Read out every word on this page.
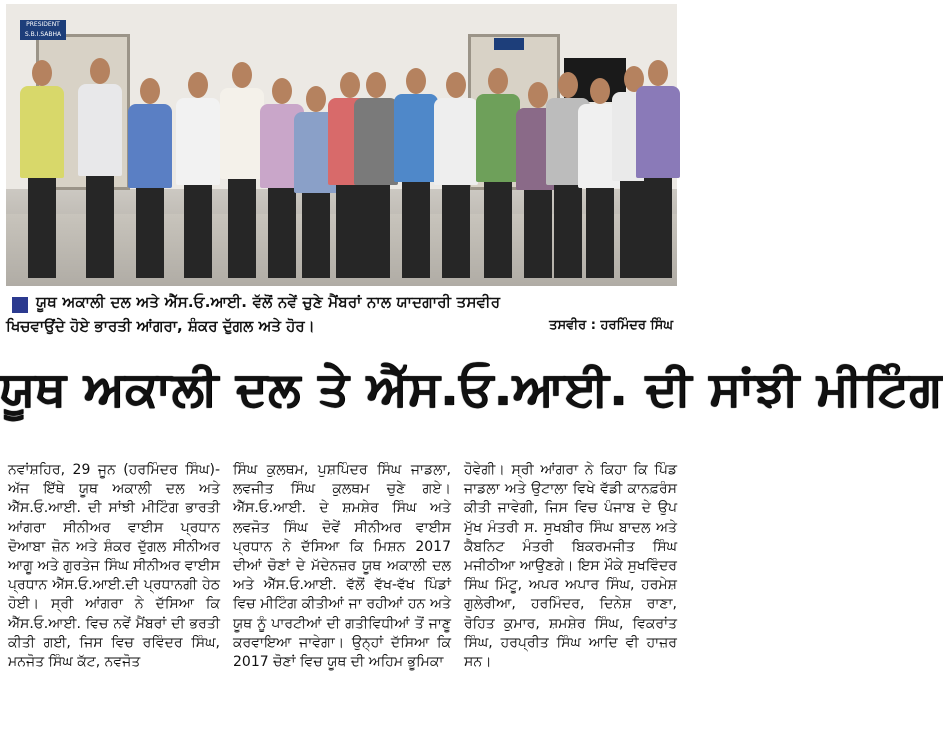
PRESIDENT S.B.I.SABHA
ਯੂਥ ਅਕਾਲੀ ਦਲ ਅਤੇ ਐੱਸ.ਓ.ਆਈ. ਵੱਲੋਂ ਨਵੇਂ ਚੁਣੇ ਮੈਂਬਰਾਂ ਨਾਲ ਯਾਦਗਾਰੀ ਤਸਵੀਰ
ਖਿਚਵਾਉਂਦੇ ਹੋਏ ਭਾਰਤੀ ਆਂਗਰਾ, ਸ਼ੰਕਰ ਦੁੱਗਲ ਅਤੇ ਹੋਰ।	ਤਸਵੀਰ : ਹਰਮਿੰਦਰ ਸਿੰਘ
ਯੂਥ ਅਕਾਲੀ ਦਲ ਤੇ ਐੱਸ.ਓ.ਆਈ. ਦੀ ਸਾਂਝੀ ਮੀਟਿੰਗ

ਨਵਾਂਸ਼ਹਿਰ, 29 ਜੂਨ (ਹਰਮਿੰਦਰ ਸਿੰਘ)- ਅੱਜ ਇੱਥੇ ਯੂਥ ਅਕਾਲੀ ਦਲ ਅਤੇ ਐੱਸ.ਓ.ਆਈ. ਦੀ ਸਾਂਝੀ ਮੀਟਿੰਗ ਭਾਰਤੀ ਆਂਗਰਾ ਸੀਨੀਅਰ ਵਾਈਸ ਪ੍ਰਧਾਨ ਦੋਆਬਾ ਜ਼ੋਨ ਅਤੇ ਸ਼ੰਕਰ ਦੁੱਗਲ ਸੀਨੀਅਰ ਆਗੂ ਅਤੇ ਗੁਰਤੇਜ ਸਿੰਘ ਸੀਨੀਅਰ ਵਾਈਸ ਪ੍ਰਧਾਨ ਐੱਸ.ਓ.ਆਈ.ਦੀ ਪ੍ਰਧਾਨਗੀ ਹੇਠ ਹੋਈ। ਸ੍ਰੀ ਆਂਗਰਾ ਨੇ ਦੱਸਿਆ ਕਿ ਐੱਸ.ਓ.ਆਈ. ਵਿਚ ਨਵੇਂ ਮੈਂਬਰਾਂ ਦੀ ਭਰਤੀ ਕੀਤੀ ਗਈ, ਜਿਸ ਵਿਚ ਰਵਿੰਦਰ ਸਿੰਘ, ਮਨਜੋਤ ਸਿੰਘ ਕੱਟ, ਨਵਜੋਤ

ਸਿੰਘ ਕੁਲਥਮ, ਪੁਸ਼ਪਿੰਦਰ ਸਿੰਘ ਜਾਡਲਾ, ਲਵਜੀਤ ਸਿੰਘ ਕੁਲਥਮ ਚੁਣੇ ਗਏ। ਐੱਸ.ਓ.ਆਈ. ਦੇ ਸ਼ਮਸ਼ੇਰ ਸਿੰਘ ਅਤੇ ਲਵਜੋਤ ਸਿੰਘ ਦੋਵੇਂ ਸੀਨੀਅਰ ਵਾਈਸ ਪ੍ਰਧਾਨ ਨੇ ਦੱਸਿਆ ਕਿ ਮਿਸ਼ਨ 2017 ਦੀਆਂ ਚੋਣਾਂ ਦੇ ਮੱਦੇਨਜ਼ਰ ਯੂਥ ਅਕਾਲੀ ਦਲ ਅਤੇ ਐੱਸ.ਓ.ਆਈ. ਵੱਲੋਂ ਵੱਖ-ਵੱਖ ਪਿੰਡਾਂ ਵਿਚ ਮੀਟਿੰਗ ਕੀਤੀਆਂ ਜਾ ਰਹੀਆਂ ਹਨ ਅਤੇ ਯੂਥ ਨੂੰ ਪਾਰਟੀਆਂ ਦੀ ਗਤੀਵਿਧੀਆਂ ਤੋਂ ਜਾਣੂ ਕਰਵਾਇਆ ਜਾਵੇਗਾ। ਉਨ੍ਹਾਂ ਦੱਸਿਆ ਕਿ 2017 ਚੋਣਾਂ ਵਿਚ ਯੂਥ ਦੀ ਅਹਿਮ ਭੂਮਿਕਾ

ਹੋਵੇਗੀ। ਸ੍ਰੀ ਆਂਗਰਾ ਨੇ ਕਿਹਾ ਕਿ ਪਿੰਡ ਜਾਡਲਾ ਅਤੇ ਉਟਾਲਾ ਵਿਖੇ ਵੱਡੀ ਕਾਨਫ਼ਰੰਸ ਕੀਤੀ ਜਾਵੇਗੀ, ਜਿਸ ਵਿਚ ਪੰਜਾਬ ਦੇ ਉਪ ਮੁੱਖ ਮੰਤਰੀ ਸ. ਸੁਖਬੀਰ ਸਿੰਘ ਬਾਦਲ ਅਤੇ ਕੈਬਨਿਟ ਮੰਤਰੀ ਬਿਕਰਮਜੀਤ ਸਿੰਘ ਮਜੀਠੀਆ ਆਉਣਗੇ। ਇਸ ਮੌਕੇ ਸੁਖਵਿੰਦਰ ਸਿੰਘ ਮਿੰਟੂ, ਅਪਰ ਅਪਾਰ ਸਿੰਘ, ਹਰਮੇਸ਼ ਗੁਲੇਰੀਆ, ਹਰਮਿੰਦਰ, ਦਿਨੇਸ਼ ਰਾਣਾ, ਰੋਹਿਤ ਕੁਮਾਰ, ਸ਼ਮਸ਼ੇਰ ਸਿੰਘ, ਵਿਕਰਾਂਤ ਸਿੰਘ, ਹਰਪ੍ਰੀਤ ਸਿੰਘ ਆਦਿ ਵੀ ਹਾਜ਼ਰ ਸਨ।
